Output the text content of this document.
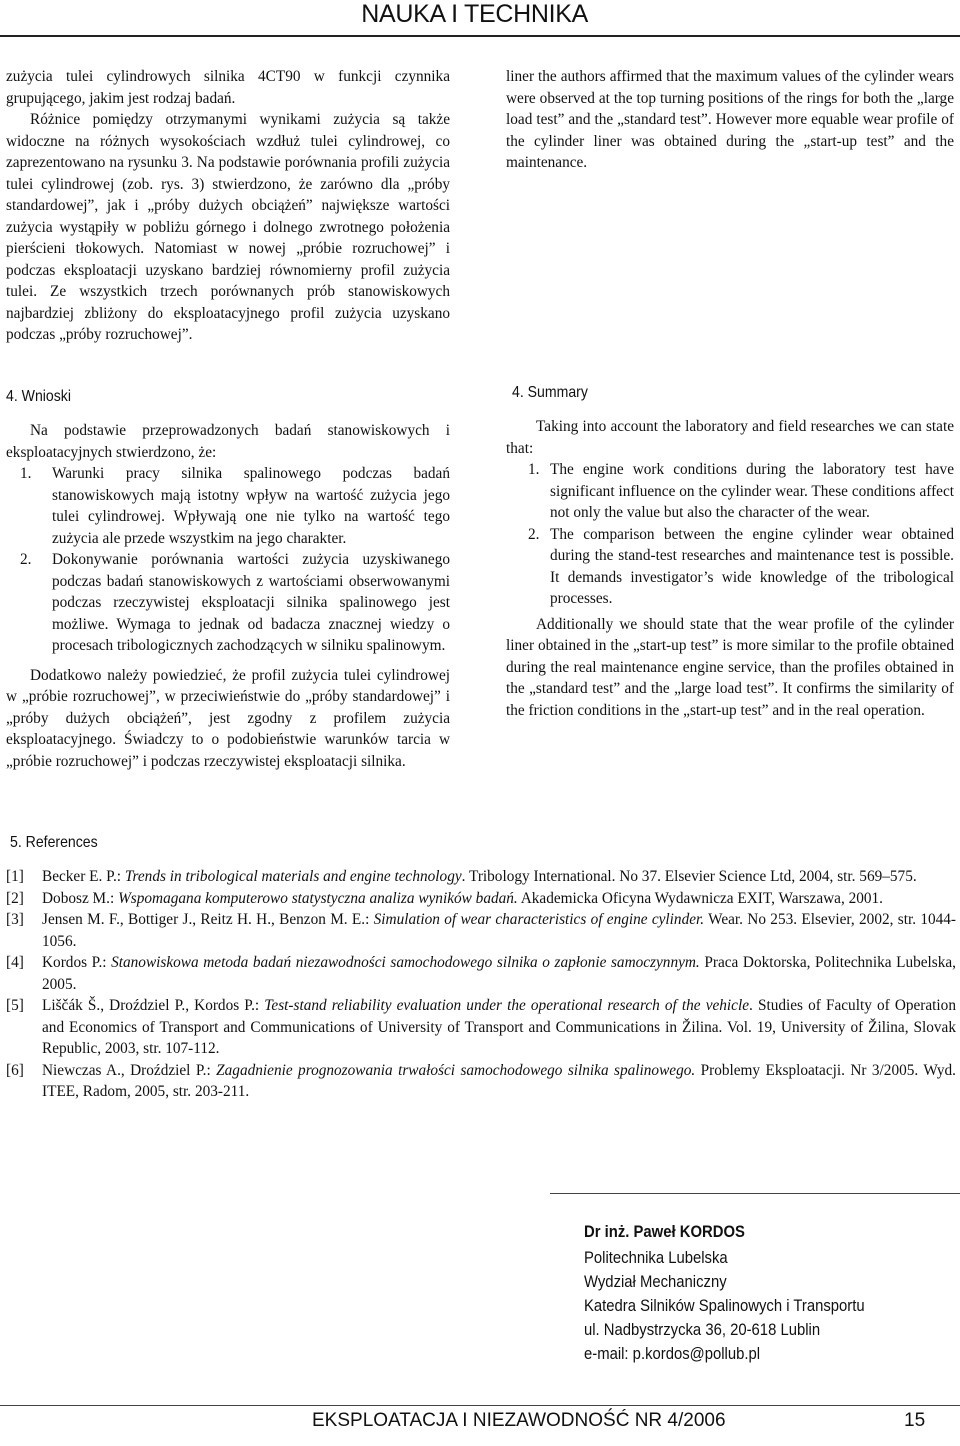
NAUKA I TECHNIKA

zużycia tulei cylindrowych silnika 4CT90 w funkcji czynnika grupującego, jakim jest rodzaj badań.

Różnice pomiędzy otrzymanymi wynikami zużycia są także widoczne na różnych wysokościach wzdłuż tulei cylindrowej, co zaprezentowano na rysunku 3. Na podstawie porównania profili zużycia tulei cylindrowej (zob. rys. 3) stwierdzono, że zarówno dla „próby standardowej”, jak i „próby dużych obciążeń” największe wartości zużycia wystąpiły w pobliżu górnego i dolnego zwrotnego położenia pierścieni tłokowych. Natomiast w nowej „próbie rozruchowej” i podczas eksploatacji uzyskano bardziej równomierny profil zużycia tulei. Ze wszystkich trzech porównanych prób stanowiskowych najbardziej zbliżony do eksploatacyjnego profil zużycia uzyskano podczas „próby rozruchowej”.

liner the authors affirmed that the maximum values of the cylinder wears were observed at the top turning positions of the rings for both the „large load test” and the „standard test”. However more equable wear profile of the cylinder liner was obtained during the „start-up test” and the maintenance.

4. Wnioski	4. Summary

Na podstawie przeprowadzonych badań stanowiskowych i eksploatacyjnych stwierdzono, że:

1. Warunki pracy silnika spalinowego podczas badań stanowiskowych mają istotny wpływ na wartość zużycia jego tulei cylindrowej. Wpływają one nie tylko na wartość tego zużycia ale przede wszystkim na jego charakter.
2. Dokonywanie porównania wartości zużycia uzyskiwanego podczas badań stanowiskowych z wartościami obserwowanymi podczas rzeczywistej eksploatacji silnika spalinowego jest możliwe. Wymaga to jednak od badacza znacznej wiedzy o procesach tribologicznych zachodzących w silniku spalinowym.

Dodatkowo należy powiedzieć, że profil zużycia tulei cylindrowej w „próbie rozruchowej”, w przeciwieństwie do „próby standardowej” i „próby dużych obciążeń”, jest zgodny z profilem zużycia eksploatacyjnego. Świadczy to o podobieństwie warunków tarcia w „próbie rozruchowej” i podczas rzeczywistej eksploatacji silnika.

Taking into account the laboratory and field researches we can state that:

1. The engine work conditions during the laboratory test have significant influence on the cylinder wear. These conditions affect not only the value but also the character of the wear.
2. The comparison between the engine cylinder wear obtained during the stand-test researches and maintenance test is possible. It demands investigator’s wide knowledge of the tribological processes.

Additionally we should state that the wear profile of the cylinder liner obtained in the „start-up test” is more similar to the profile obtained during the real maintenance engine service, than the profiles obtained in the „standard test” and the „large load test”. It confirms the similarity of the friction conditions in the „start-up test” and in the real operation.

5. References

[1] Becker E. P.: Trends in tribological materials and engine technology. Tribology International. No 37. Elsevier Science Ltd, 2004, str. 569–575.

[2] Dobosz M.: Wspomagana komputerowo statystyczna analiza wyników badań. Akademicka Oficyna Wydawnicza EXIT, Warszawa, 2001.

[3] Jensen M. F., Bottiger J., Reitz H. H., Benzon M. E.: Simulation of wear characteristics of engine cylinder. Wear. No 253. Elsevier, 2002, str. 1044-1056.

[4] Kordos P.: Stanowiskowa metoda badań niezawodności samochodowego silnika o zapłonie samoczynnym. Praca Doktorska, Politechnika Lubelska, 2005.

[5] Liščák Š., Droździel P., Kordos P.: Test-stand reliability evaluation under the operational research of the vehicle. Studies of Faculty of Operation and Economics of Transport and Communications of University of Transport and Communications in Žilina. Vol. 19, University of Žilina, Slovak Republic, 2003, str. 107-112.

[6] Niewczas A., Droździel P.: Zagadnienie prognozowania trwałości samochodowego silnika spalinowego. Problemy Eksploatacji. Nr 3/2005. Wyd. ITEE, Radom, 2005, str. 203-211.

Dr inż. Paweł KORDOS
Politechnika Lubelska
Wydział Mechaniczny
Katedra Silników Spalinowych i Transportu
ul. Nadbystrzycka 36, 20-618 Lublin
e-mail: p.kordos@pollub.pl
EKSPLOATACJA I NIEZAWODNOŚĆ NR 4/2006	15
